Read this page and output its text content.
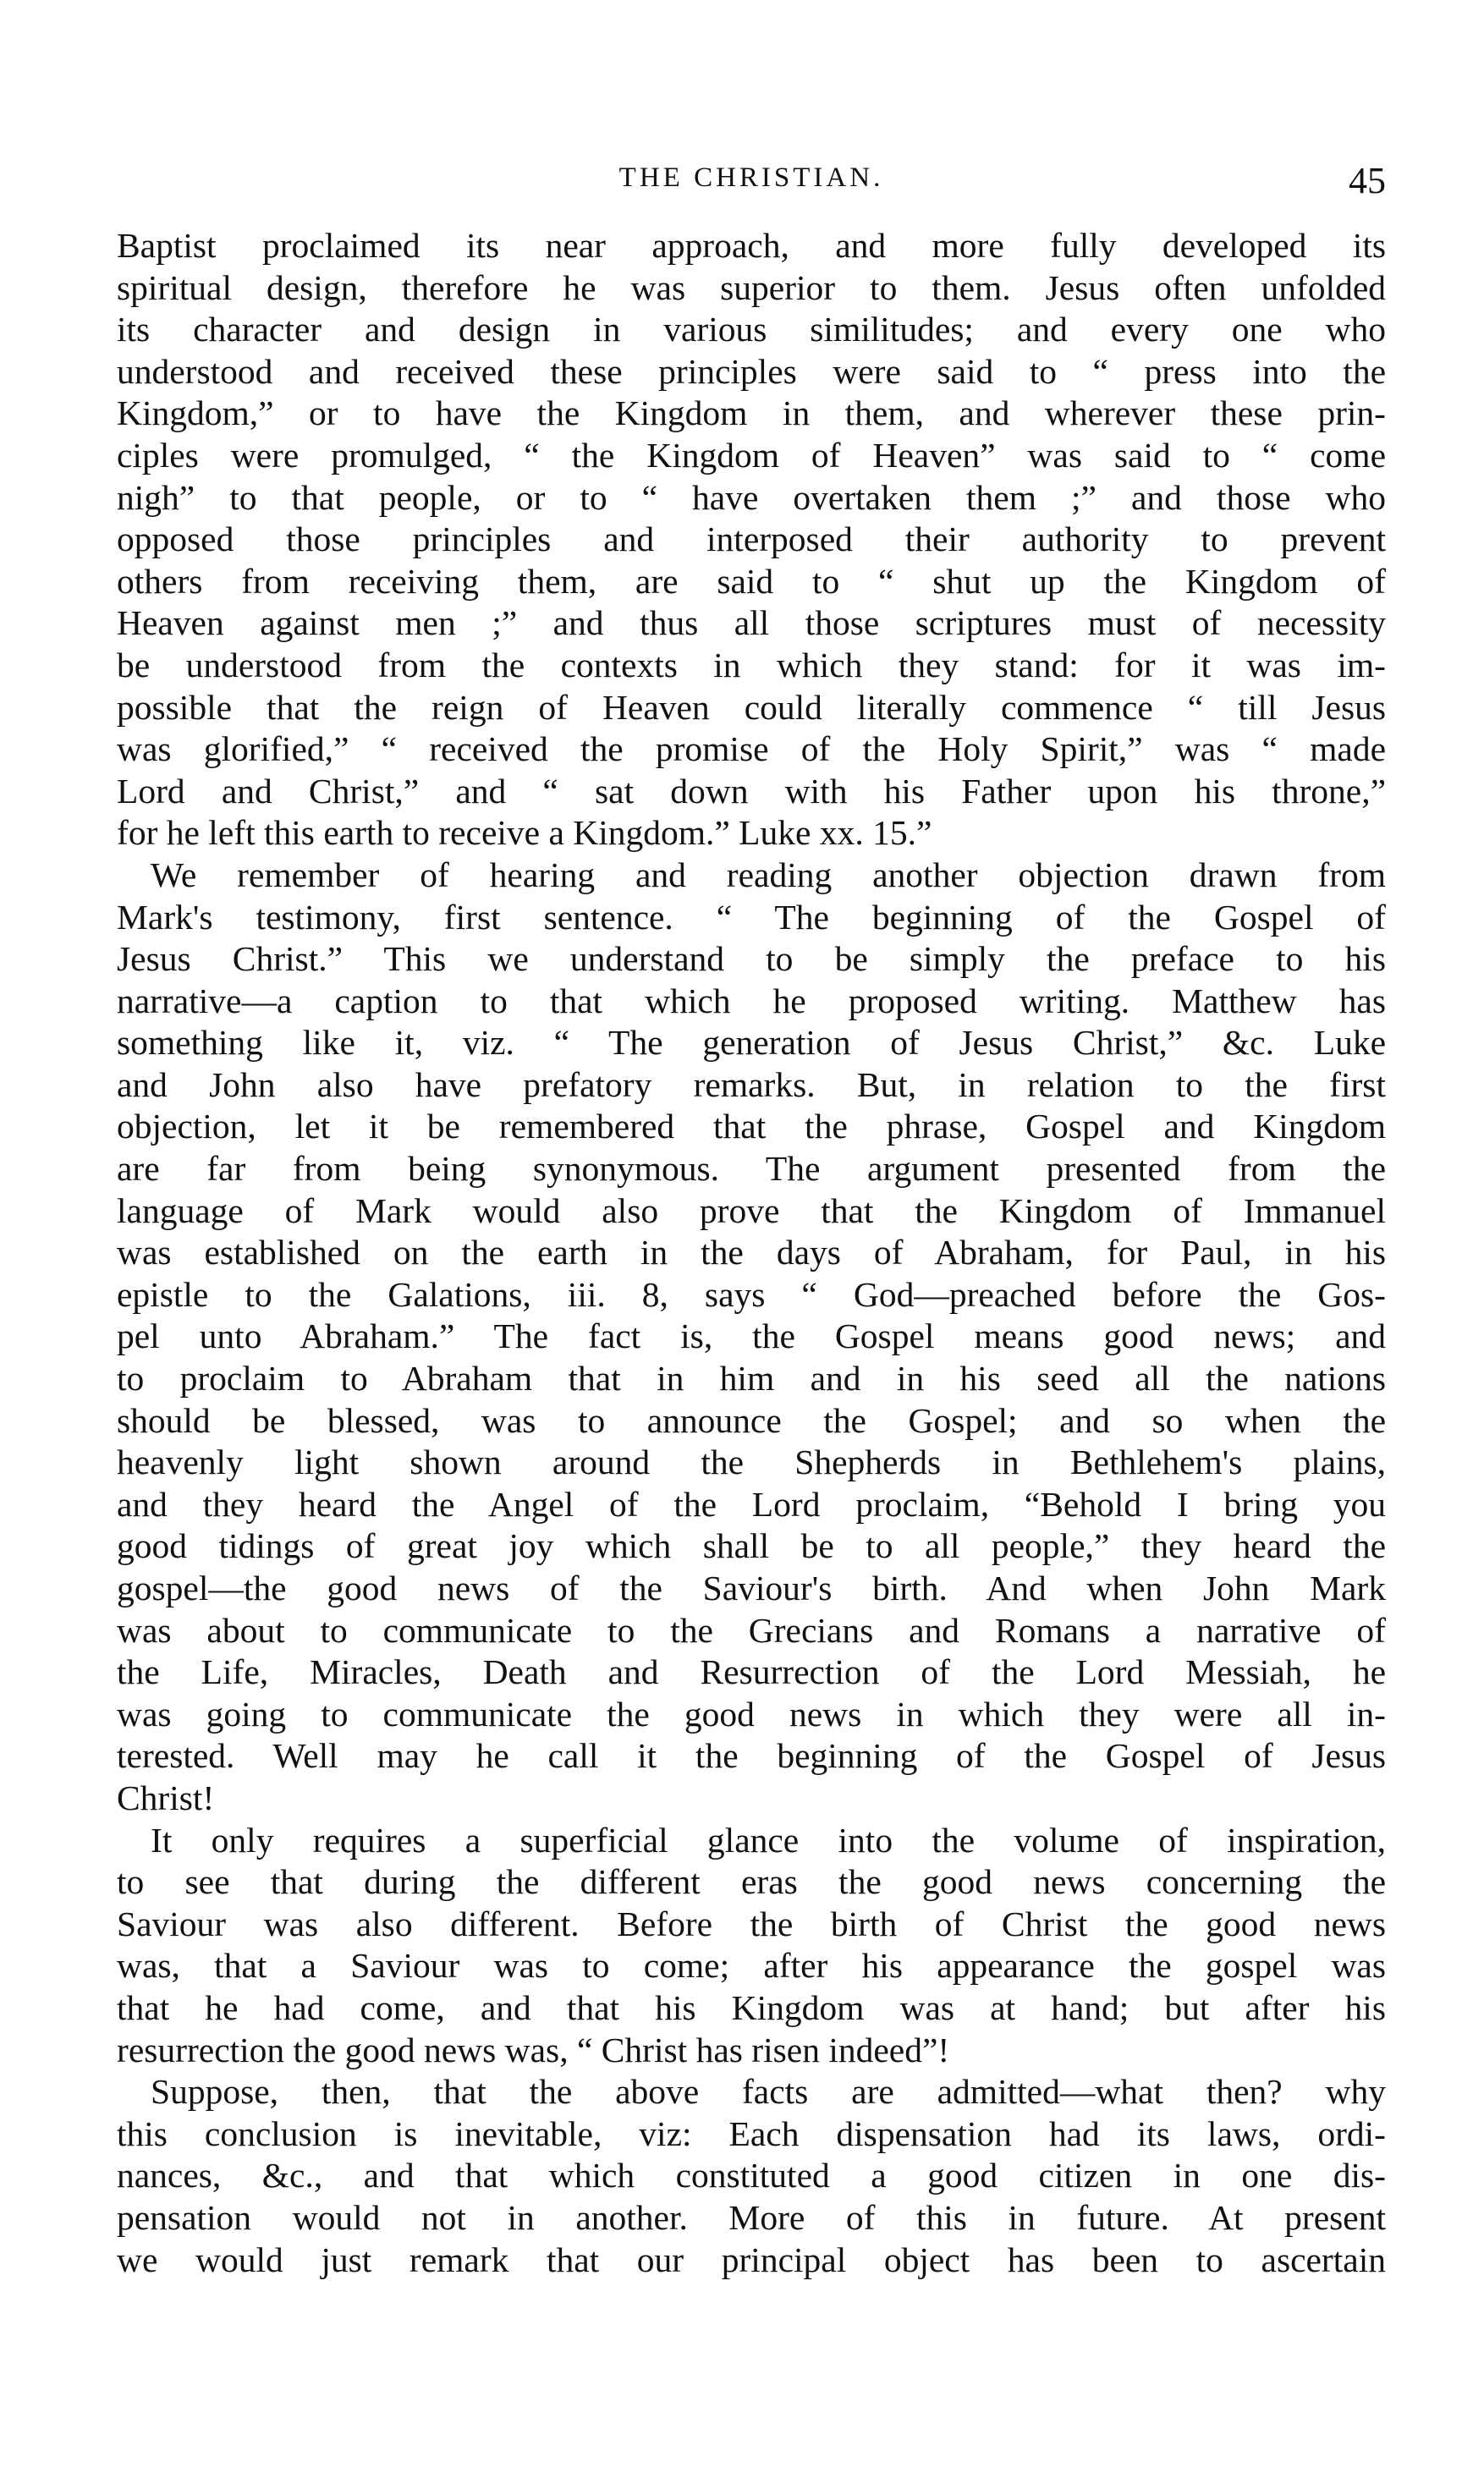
THE CHRISTIAN.	45
Baptist proclaimed its near approach, and more fully developed its
spiritual design, therefore he was superior to them. Jesus often unfolded
its character and design in various similitudes; and every one who
understood and received these principles were said to “ press into the
Kingdom,” or to have the Kingdom in them, and wherever these prin-
ciples were promulged, “ the Kingdom of Heaven” was said to “ come
nigh” to that people, or to “ have overtaken them ;” and those who
opposed those principles and interposed their authority to prevent
others from receiving them, are said to “ shut up the Kingdom of
Heaven against men ;” and thus all those scriptures must of necessity
be understood from the contexts in which they stand: for it was im-
possible that the reign of Heaven could literally commence “ till Jesus
was glorified,” “ received the promise of the Holy Spirit,” was “ made
Lord and Christ,” and “ sat down with his Father upon his throne,”
for he left this earth to receive a Kingdom.” Luke xx. 15.”
We remember of hearing and reading another objection drawn from
Mark's testimony, first sentence. “ The beginning of the Gospel of
Jesus Christ.” This we understand to be simply the preface to his
narrative—a caption to that which he proposed writing. Matthew has
something like it, viz. “ The generation of Jesus Christ,” &c. Luke
and John also have prefatory remarks. But, in relation to the first
objection, let it be remembered that the phrase, Gospel and Kingdom
are far from being synonymous. The argument presented from the
language of Mark would also prove that the Kingdom of Immanuel
was established on the earth in the days of Abraham, for Paul, in his
epistle to the Galations, iii. 8, says “ God—preached before the Gos-
pel unto Abraham.” The fact is, the Gospel means good news; and
to proclaim to Abraham that in him and in his seed all the nations
should be blessed, was to announce the Gospel; and so when the
heavenly light shown around the Shepherds in Bethlehem's plains,
and they heard the Angel of the Lord proclaim, “Behold I bring you
good tidings of great joy which shall be to all people,” they heard the
gospel—the good news of the Saviour's birth. And when John Mark
was about to communicate to the Grecians and Romans a narrative of
the Life, Miracles, Death and Resurrection of the Lord Messiah, he
was going to communicate the good news in which they were all in-
terested. Well may he call it the beginning of the Gospel of Jesus
Christ!
It only requires a superficial glance into the volume of inspiration,
to see that during the different eras the good news concerning the
Saviour was also different. Before the birth of Christ the good news
was, that a Saviour was to come; after his appearance the gospel was
that he had come, and that his Kingdom was at hand; but after his
resurrection the good news was, “ Christ has risen indeed”!
Suppose, then, that the above facts are admitted—what then? why
this conclusion is inevitable, viz: Each dispensation had its laws, ordi-
nances, &c., and that which constituted a good citizen in one dis-
pensation would not in another. More of this in future. At present
we would just remark that our principal object has been to ascertain
